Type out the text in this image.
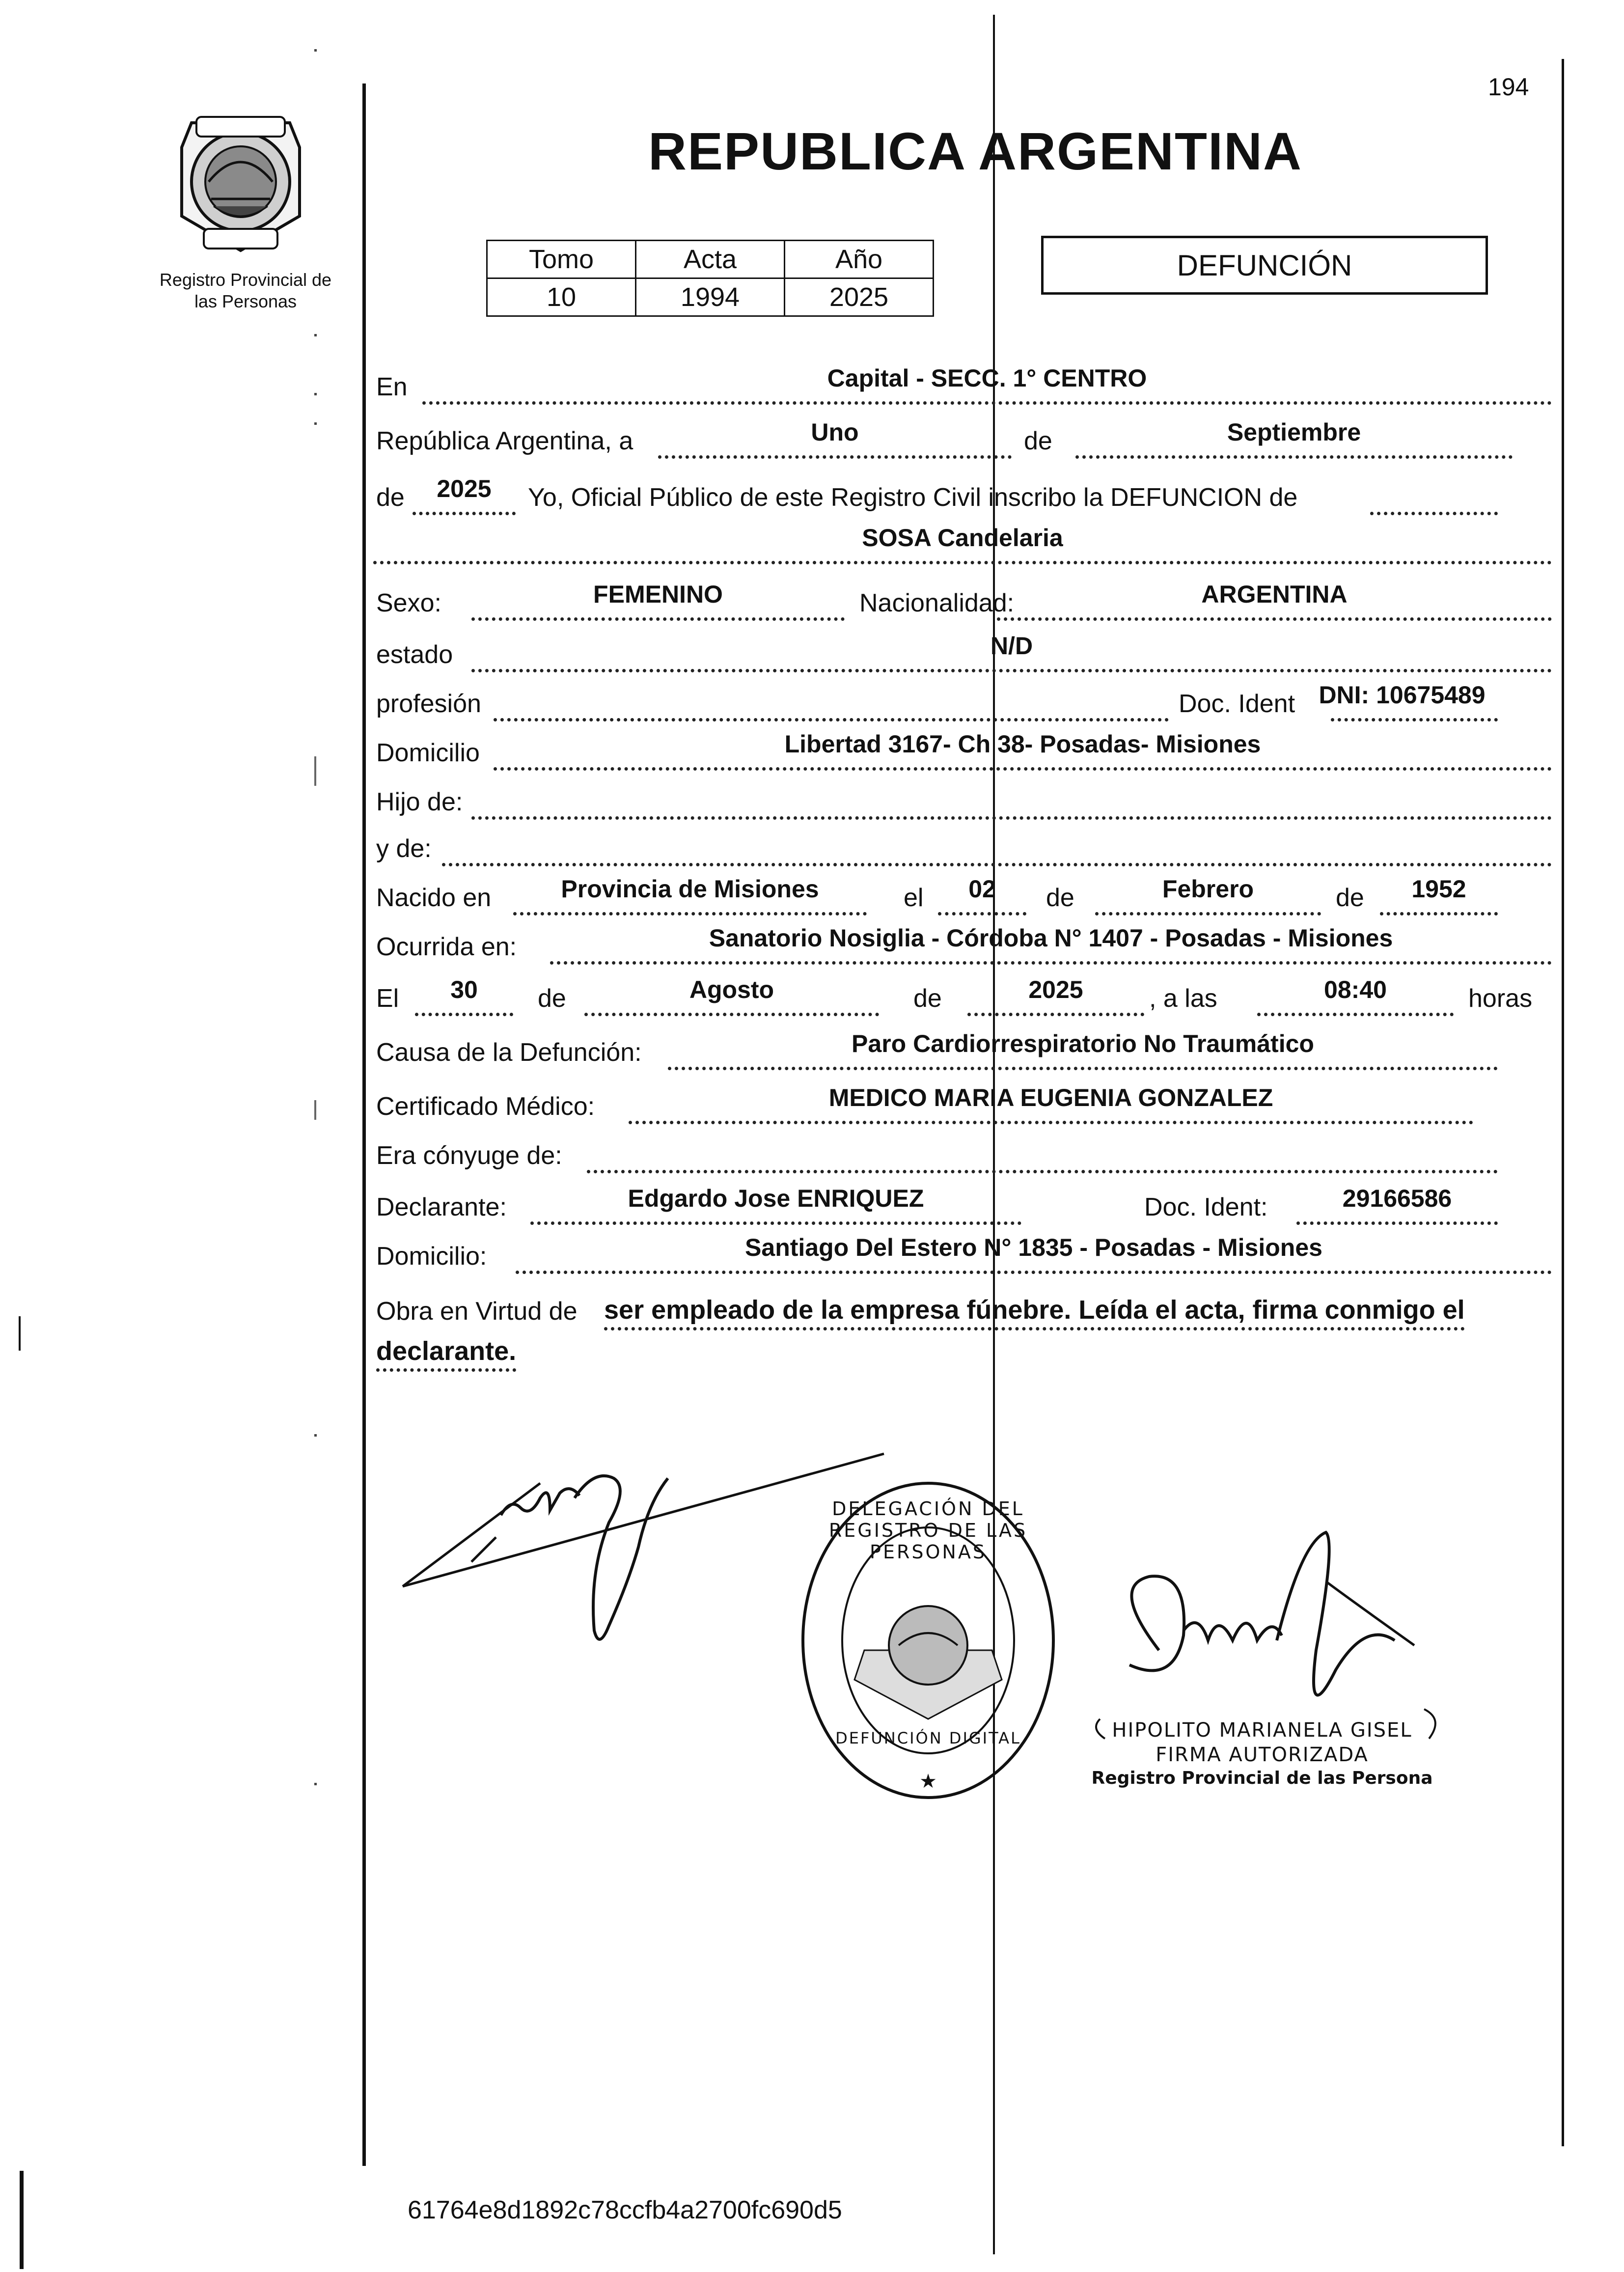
194
Registro Provincial de
las Personas
REPUBLICA ARGENTINA
Tomo	Acta	Año
10	1994	2025
DEFUNCIÓN
En	Capital - SECC. 1° CENTRO
República Argentina, a	Uno	de	Septiembre
de	2025	Yo, Oficial Público de este Registro Civil inscribo la DEFUNCION de
SOSA Candelaria
Sexo:	FEMENINO	Nacionalidad:	ARGENTINA
estado	N/D
profesión	Doc. Ident DNI: 10675489
Domicilio	Libertad 3167- Ch 38- Posadas- Misiones
Hijo de:
y de:
Nacido en	Provincia de Misiones	el	02	de	Febrero	de	1952
Ocurrida en:	Sanatorio Nosiglia - Córdoba N° 1407 - Posadas - Misiones
El	30	de	Agosto	de	2025	, a las	08:40	horas
Causa de la Defunción:	Paro Cardiorrespiratorio No Traumático
Certificado Médico:	MEDICO MARIA EUGENIA GONZALEZ
Era cónyuge de:
Declarante:	Edgardo Jose ENRIQUEZ	Doc. Ident:	29166586
Domicilio:	Santiago Del Estero N° 1835 - Posadas - Misiones
Obra en Virtud de ser empleado de la empresa fúnebre. Leída el acta, firma conmigo el
declarante.
★
DELEGACIÓN DEL REGISTRO DE LAS PERSONAS
DEFUNCIÓN DIGITAL	HIPOLITO MARIANELA GISEL
FIRMA AUTORIZADA
Registro Provincial de las Persona
61764e8d1892c78ccfb4a2700fc690d5
